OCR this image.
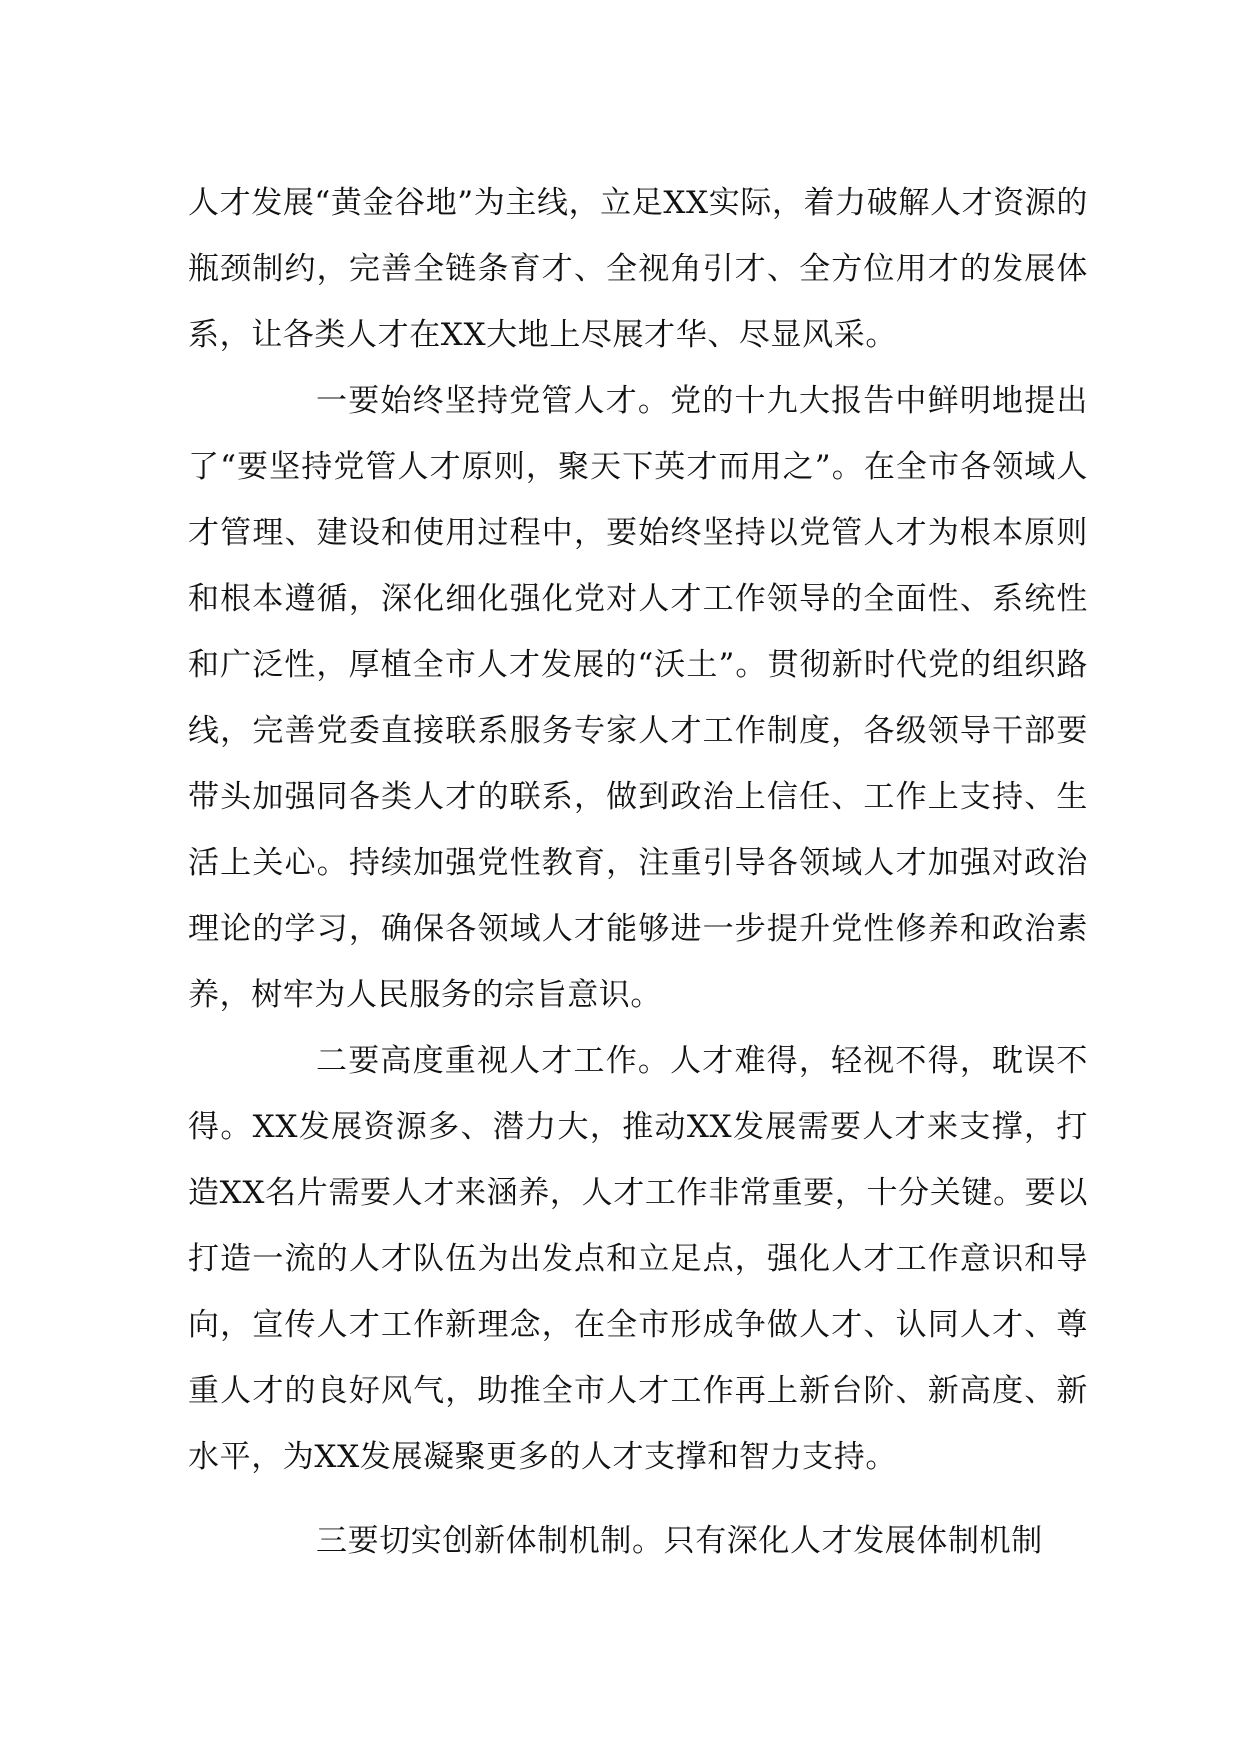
人才发展“黄金谷地”为主线，立足XX实际，着力破解人才资源的瓶颈制约，完善全链条育才、全视角引才、全方位用才的发展体系，让各类人才在XX大地上尽展才华、尽显风采。

一要始终坚持党管人才。党的十九大报告中鲜明地提出了“要坚持党管人才原则，聚天下英才而用之”。在全市各领域人才管理、建设和使用过程中，要始终坚持以党管人才为根本原则和根本遵循，深化细化强化党对人才工作领导的全面性、系统性和广泛性，厚植全市人才发展的“沃土”。贯彻新时代党的组织路线，完善党委直接联系服务专家人才工作制度，各级领导干部要带头加强同各类人才的联系，做到政治上信任、工作上支持、生活上关心。持续加强党性教育，注重引导各领域人才加强对政治理论的学习，确保各领域人才能够进一步提升党性修养和政治素养，树牢为人民服务的宗旨意识。

二要高度重视人才工作。人才难得，轻视不得，耽误不得。XX发展资源多、潜力大，推动XX发展需要人才来支撑，打造XX名片需要人才来涵养，人才工作非常重要，十分关键。要以打造一流的人才队伍为出发点和立足点，强化人才工作意识和导向，宣传人才工作新理念，在全市形成争做人才、认同人才、尊重人才的良好风气，助推全市人才工作再上新台阶、新高度、新水平，为XX发展凝聚更多的人才支撑和智力支持。

三要切实创新体制机制。只有深化人才发展体制机制
